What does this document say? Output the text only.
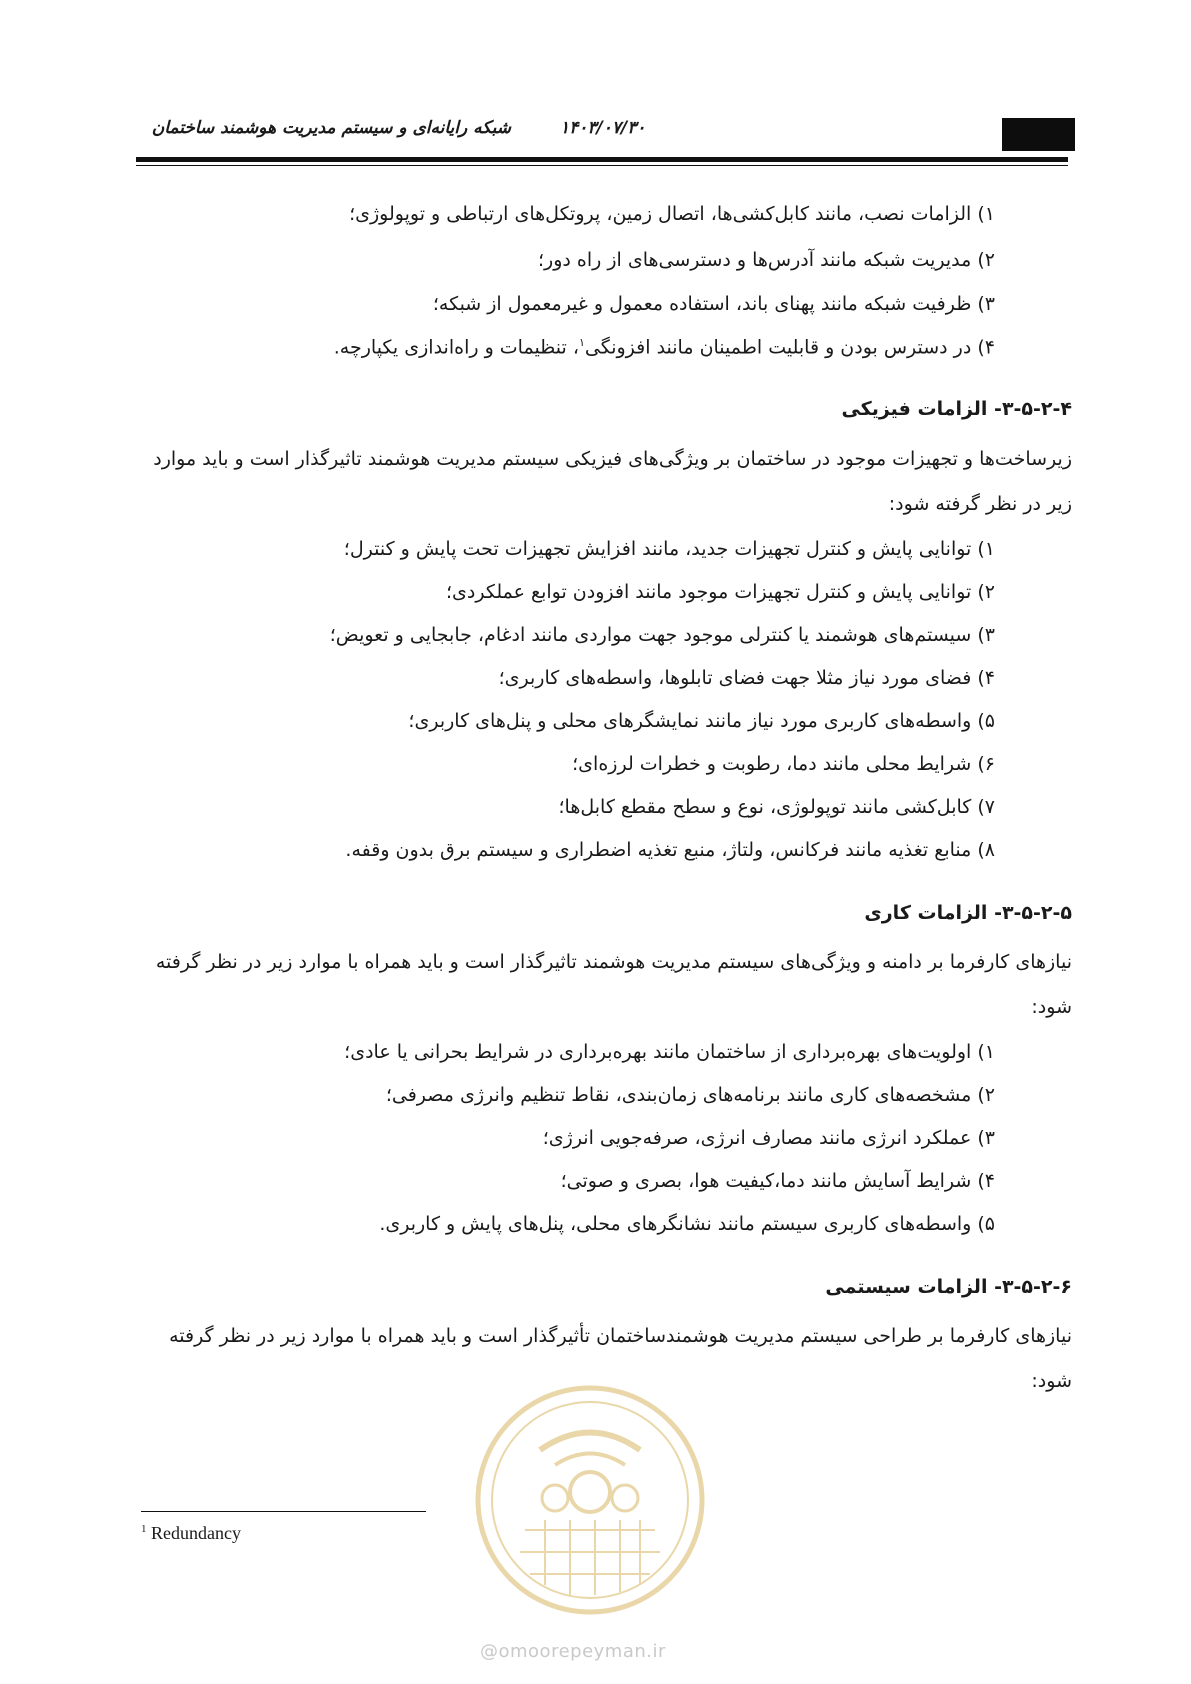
۱۴۰۳/۰۷/۳۰
شبکه رایانه‌ای و سیستم مدیریت هوشمند ساختمان
۱) الزامات نصب، مانند کابل‌کشی‌ها، اتصال زمین، پروتکل‌های ارتباطی و توپولوژی؛
۲) مدیریت شبکه مانند آدرس‌ها و دسترسی‌های از راه دور؛
۳) ظرفیت شبکه مانند پهنای باند، استفاده معمول و غیرمعمول از شبکه؛
۴) در دسترس بودن و قابلیت اطمینان مانند افزونگی$^۱$، تنظیمات و راه‌اندازی یکپارچه.
۳-۵-۲-۴- الزامات فیزیکی
زیرساخت‌ها و تجهیزات موجود در ساختمان بر ویژگی‌های فیزیکی سیستم مدیریت هوشمند تاثیرگذار است و باید موارد
زیر در نظر گرفته شود:
۱) توانایی پایش و کنترل تجهیزات جدید، مانند افزایش تجهیزات تحت پایش و کنترل؛
۲) توانایی پایش و کنترل تجهیزات موجود مانند افزودن توابع عملکردی؛
۳) سیستم‌های هوشمند یا کنترلی موجود جهت مواردی مانند ادغام، جابجایی و تعویض؛
۴) فضای مورد نیاز مثلا جهت فضای تابلوها، واسطه‌های کاربری؛
۵) واسطه‌های کاربری مورد نیاز مانند نمایشگرهای محلی و پنل‌های کاربری؛
۶) شرایط محلی مانند دما، رطوبت و خطرات لرزه‌ای؛
۷) کابل‌کشی مانند توپولوژی، نوع و سطح مقطع کابل‌ها؛
۸) منابع تغذیه مانند فرکانس، ولتاژ، منبع تغذیه اضطراری و سیستم برق بدون وقفه.
۳-۵-۲-۵- الزامات کاری
نیازهای کارفرما بر دامنه و ویژگی‌های سیستم مدیریت هوشمند تاثیرگذار است و باید همراه با موارد زیر در نظر گرفته
شود:
۱) اولویت‌های بهره‌برداری از ساختمان مانند بهره‌برداری در شرایط بحرانی یا عادی؛
۲) مشخصه‌های کاری مانند برنامه‌های زمان‌بندی، نقاط تنظیم وانرژی مصرفی؛
۳) عملکرد انرژی مانند مصارف انرژی، صرفه‌جویی انرژی؛
۴) شرایط آسایش مانند دما،کیفیت هوا، بصری و صوتی؛
۵) واسطه‌های کاربری سیستم مانند نشانگرهای محلی، پنل‌های پایش و کاربری.
۳-۵-۲-۶- الزامات سیستمی
نیازهای کارفرما بر طراحی سیستم مدیریت هوشمندساختمان تأثیرگذار است و باید همراه با موارد زیر در نظر گرفته
شود:
@omoorepeyman.ir
$^1$ Redundancy
